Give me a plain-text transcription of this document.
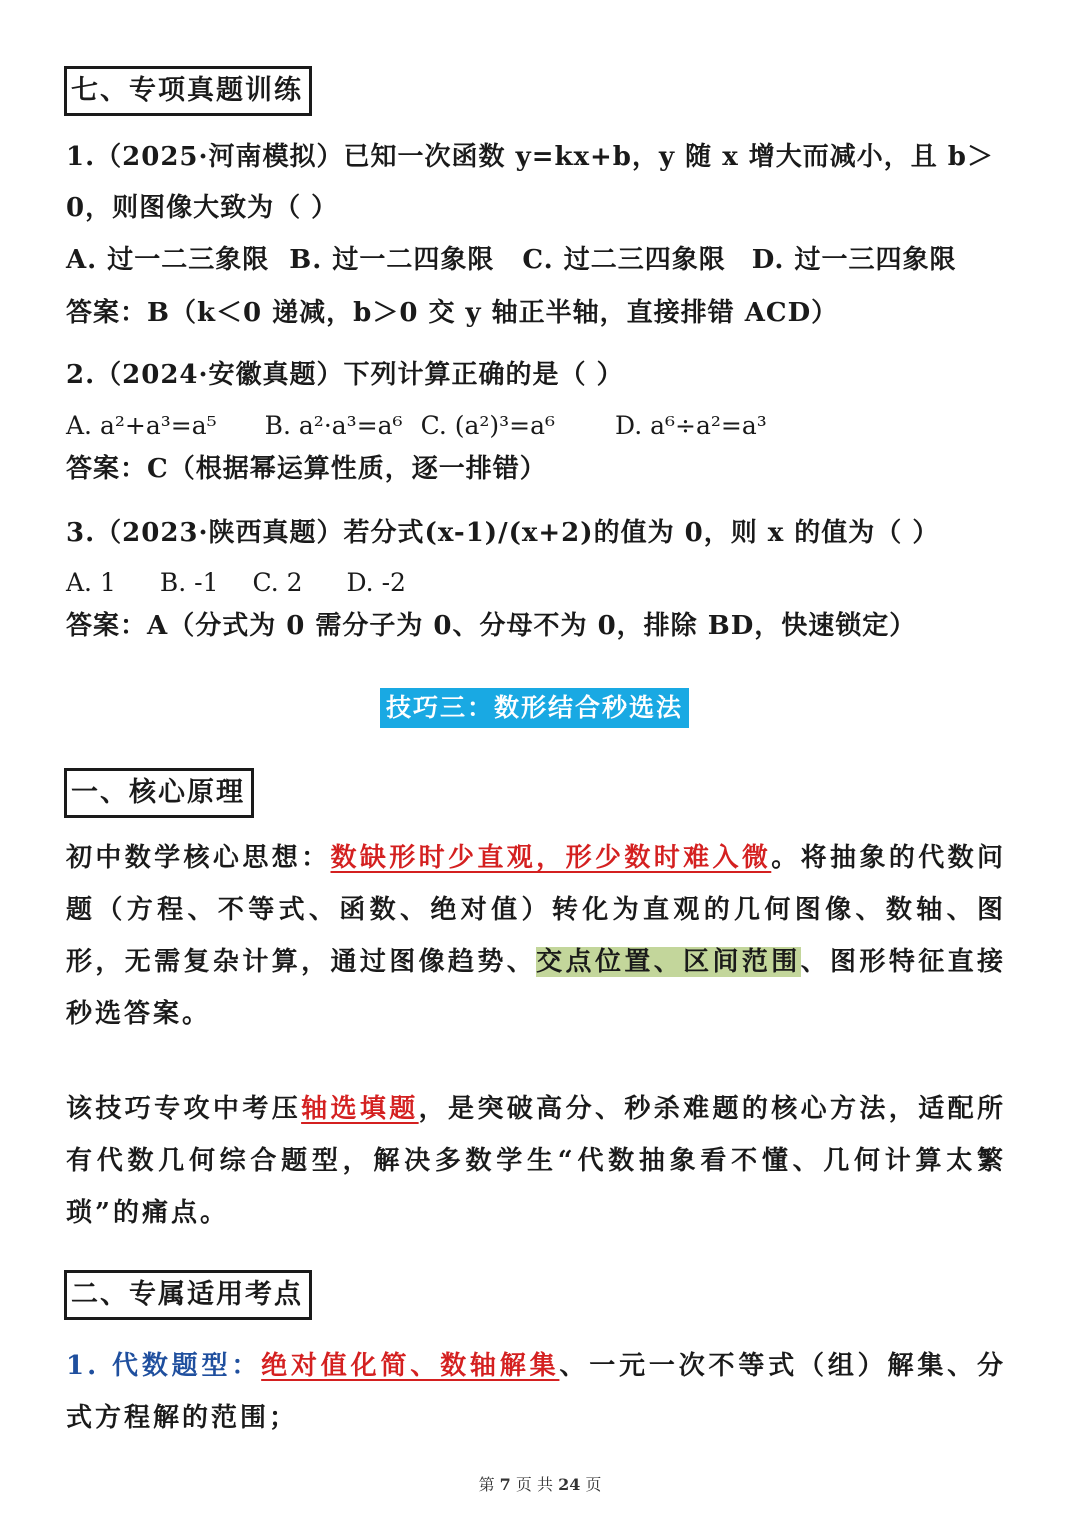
七、专项真题训练
1.（2025·河南模拟）已知一次函数 y=kx+b，y 随 x 增大而减小，且 b＞
0，则图像大致为（ ）
A. 过一二三象限 B. 过一二四象限 C. 过二三四象限 D. 过一三四象限
答案：B（k＜0 递减，b＞0 交 y 轴正半轴，直接排错 ACD）
2.（2024·安徽真题）下列计算正确的是（ ）
A. a²+a³=a⁵ B. a²·a³=a⁶ C. (a²)³=a⁶ D. a⁶÷a²=a³
答案：C（根据幂运算性质，逐一排错）
3.（2023·陕西真题）若分式(x-1)/(x+2)的值为 0，则 x 的值为（ ）
A. 1 B. -1 C. 2 D. -2
答案：A（分式为 0 需分子为 0、分母不为 0，排除 BD，快速锁定）
技巧三：数形结合秒选法
一、核心原理
初中数学核心思想：数缺形时少直观，形少数时难入微。将抽象的代数问题（方程、不等式、函数、绝对值）转化为直观的几何图像、数轴、图形，无需复杂计算，通过图像趋势、交点位置、区间范围、图形特征直接秒选答案。
该技巧专攻中考压轴选填题，是突破高分、秒杀难题的核心方法，适配所有代数几何综合题型，解决多数学生“代数抽象看不懂、几何计算太繁琐”的痛点。
二、专属适用考点
1. 代数题型：绝对值化简、数轴解集、一元一次不等式（组）解集、分式方程解的范围；
第 7 页 共 24 页
